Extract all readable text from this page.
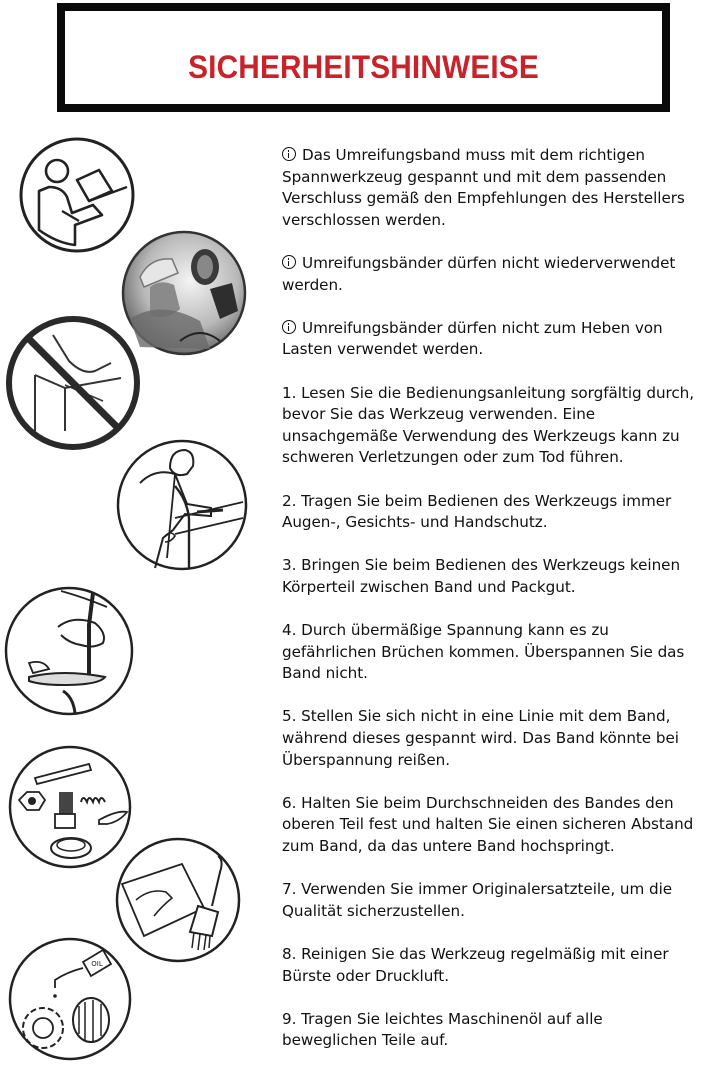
SICHERHEITSHINWEISE
OIL

Das Umreifungsband muss mit dem richtigen Spannwerkzeug gespannt und mit dem passenden Verschluss gemäß den Empfehlungen des Herstellers verschlossen werden.

Umreifungsbänder dürfen nicht wiederverwendet werden.

Umreifungsbänder dürfen nicht zum Heben von Lasten verwendet werden.

1. Lesen Sie die Bedienungsanleitung sorgfältig durch, bevor Sie das Werkzeug verwenden. Eine unsachgemäße Verwendung des Werkzeugs kann zu schweren Verletzungen oder zum Tod führen.

2. Tragen Sie beim Bedienen des Werkzeugs immer Augen-, Gesichts- und Handschutz.

3. Bringen Sie beim Bedienen des Werkzeugs keinen Körperteil zwischen Band und Packgut.

4. Durch übermäßige Spannung kann es zu gefährlichen Brüchen kommen. Überspannen Sie das Band nicht.

5. Stellen Sie sich nicht in eine Linie mit dem Band, während dieses gespannt wird. Das Band könnte bei Überspannung reißen.

6. Halten Sie beim Durchschneiden des Bandes den oberen Teil fest und halten Sie einen sicheren Abstand zum Band, da das untere Band hochspringt.

7. Verwenden Sie immer Originalersatzteile, um die Qualität sicherzustellen.

8. Reinigen Sie das Werkzeug regelmäßig mit einer Bürste oder Druckluft.

9. Tragen Sie leichtes Maschinenöl auf alle beweglichen Teile auf.
